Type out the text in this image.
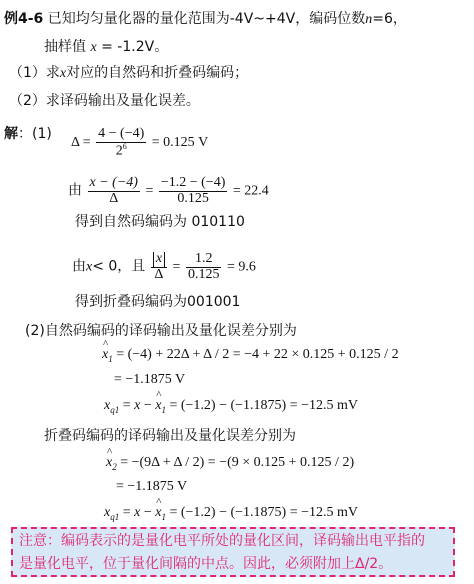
例4-6 已知均匀量化器的量化范围为-4V~+4V，编码位数n=6，
抽样值 x = -1.2V。
（1）求x对应的自然码和折叠码编码；
（2）求译码输出及量化误差。
解：(1)
$\Delta = \frac{4 - (-4)}{2^6} = 0.125$ V
由 $\frac{x - (-4)}{\Delta} = \frac{-1.2 - (-4)}{0.125} = 22.4$
得到自然码编码为 010110
由x< 0，且 $\frac{x}{\Delta} = \frac{1.2}{0.125} = 9.6$
得到折叠码编码为001001
(2)自然码编码的译码输出及量化误差分别为
^ $x_1 = (-4) + 22\Delta + \Delta / 2 = -4 + 22 \times 0.125 + 0.125 / 2$
= −1.1875 V
$x_{q1} = x$ − ^ $x_1 = (-1.2) - (-1.1875) = -12.5$ mV
折叠码编码的译码输出及量化误差分别为
^ $x_2 = -(9\Delta + \Delta / 2) = -(9 \times 0.125 + 0.125 / 2)$
= −1.1875 V
$x_{q1} = x$ − ^ $x_1 = (-1.2) - (-1.1875) = -12.5$ mV
注意：编码表示的是量化电平所处的量化区间，译码输出电平指的
是量化电平，位于量化间隔的中点。因此，必须附加上Δ/2。
